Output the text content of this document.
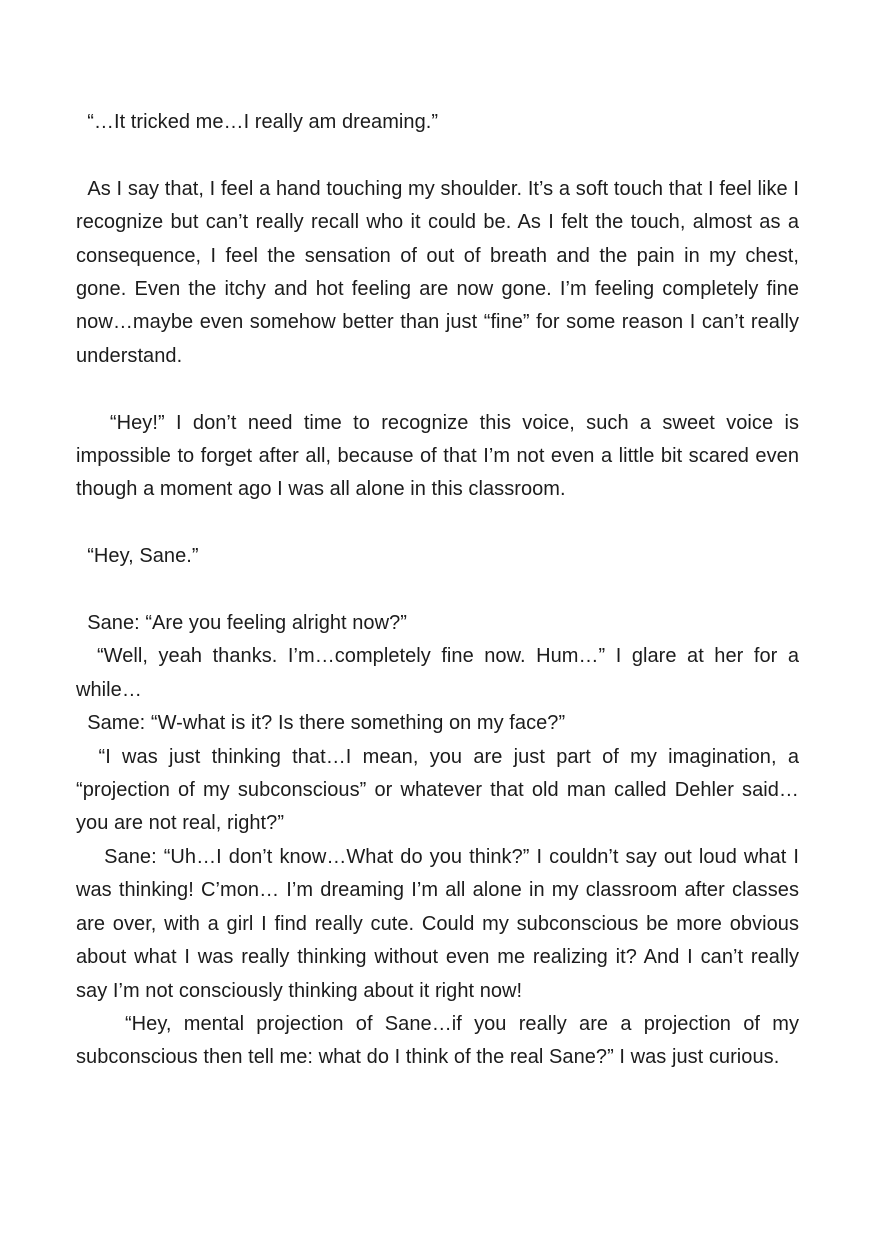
“…It tricked me…I really am dreaming.”

As I say that, I feel a hand touching my shoulder. It’s a soft touch that I feel like I recognize but can’t really recall who it could be. As I felt the touch, almost as a consequence, I feel the sensation of out of breath and the pain in my chest, gone. Even the itchy and hot feeling are now gone. I’m feeling completely fine now…maybe even somehow better than just “fine” for some reason I can’t really understand.

“Hey!” I don’t need time to recognize this voice, such a sweet voice is impossible to forget after all, because of that I’m not even a little bit scared even though a moment ago I was all alone in this classroom.

“Hey, Sane.”

Sane: “Are you feeling alright now?”

“Well, yeah thanks. I’m…completely fine now. Hum…” I glare at her for a while…

Same: “W-what is it? Is there something on my face?”

“I was just thinking that…I mean, you are just part of my imagination, a “projection of my subconscious” or whatever that old man called Dehler said…you are not real, right?”

Sane: “Uh…I don’t know…What do you think?” I couldn’t say out loud what I was thinking! C’mon… I’m dreaming I’m all alone in my classroom after classes are over, with a girl I find really cute. Could my subconscious be more obvious about what I was really thinking without even me realizing it? And I can’t really say I’m not consciously thinking about it right now!

“Hey, mental projection of Sane…if you really are a projection of my subconscious then tell me: what do I think of the real Sane?” I was just curious.
